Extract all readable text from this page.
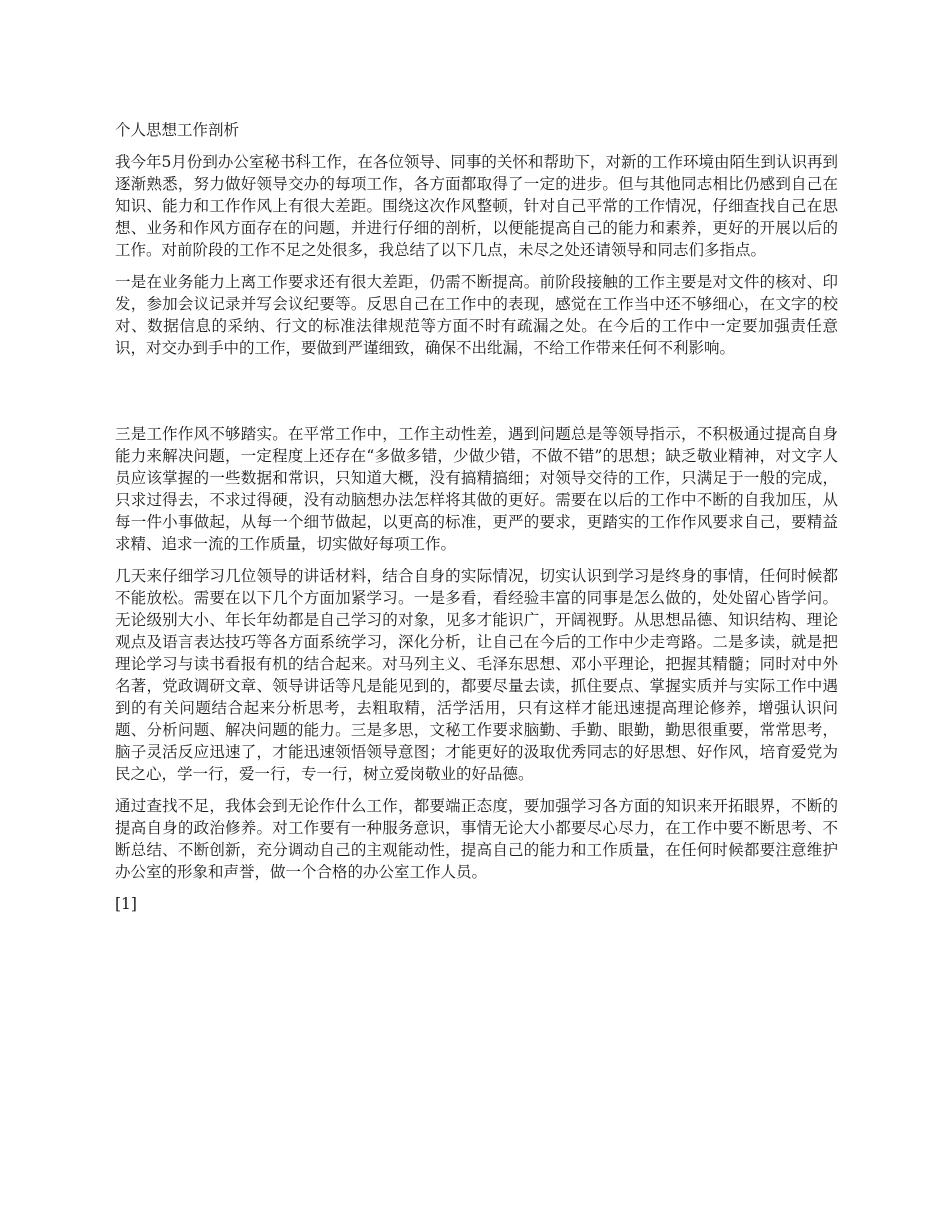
个人思想工作剖析

我今年5月份到办公室秘书科工作，在各位领导、同事的关怀和帮助下，对新的工作环境由陌生到认识再到逐渐熟悉，努力做好领导交办的每项工作，各方面都取得了一定的进步。但与其他同志相比仍感到自己在知识、能力和工作作风上有很大差距。围绕这次作风整顿，针对自己平常的工作情况，仔细查找自己在思想、业务和作风方面存在的问题，并进行仔细的剖析，以便能提高自己的能力和素养，更好的开展以后的工作。对前阶段的工作不足之处很多，我总结了以下几点，未尽之处还请领导和同志们多指点。

一是在业务能力上离工作要求还有很大差距，仍需不断提高。前阶段接触的工作主要是对文件的核对、印发，参加会议记录并写会议纪要等。反思自己在工作中的表现，感觉在工作当中还不够细心，在文字的校对、数据信息的采纳、行文的标准法律规范等方面不时有疏漏之处。在今后的工作中一定要加强责任意识，对交办到手中的工作，要做到严谨细致，确保不出纰漏，不给工作带来任何不利影响。

三是工作作风不够踏实。在平常工作中，工作主动性差，遇到问题总是等领导指示，不积极通过提高自身能力来解决问题，一定程度上还存在“多做多错，少做少错，不做不错”的思想；缺乏敬业精神，对文字人员应该掌握的一些数据和常识，只知道大概，没有搞精搞细；对领导交待的工作，只满足于一般的完成，只求过得去，不求过得硬，没有动脑想办法怎样将其做的更好。需要在以后的工作中不断的自我加压，从每一件小事做起，从每一个细节做起，以更高的标准，更严的要求，更踏实的工作作风要求自己，要精益求精、追求一流的工作质量，切实做好每项工作。

几天来仔细学习几位领导的讲话材料，结合自身的实际情况，切实认识到学习是终身的事情，任何时候都不能放松。需要在以下几个方面加紧学习。一是多看，看经验丰富的同事是怎么做的，处处留心皆学问。无论级别大小、年长年幼都是自己学习的对象，见多才能识广，开阔视野。从思想品德、知识结构、理论观点及语言表达技巧等各方面系统学习，深化分析，让自己在今后的工作中少走弯路。二是多读，就是把理论学习与读书看报有机的结合起来。对马列主义、毛泽东思想、邓小平理论，把握其精髓；同时对中外名著，党政调研文章、领导讲话等凡是能见到的，都要尽量去读，抓住要点、掌握实质并与实际工作中遇到的有关问题结合起来分析思考，去粗取精，活学活用，只有这样才能迅速提高理论修养，增强认识问题、分析问题、解决问题的能力。三是多思，文秘工作要求脑勤、手勤、眼勤，勤思很重要，常常思考，脑子灵活反应迅速了，才能迅速领悟领导意图；才能更好的汲取优秀同志的好思想、好作风，培育爱党为民之心，学一行，爱一行，专一行，树立爱岗敬业的好品德。

通过查找不足，我体会到无论作什么工作，都要端正态度，要加强学习各方面的知识来开拓眼界，不断的提高自身的政治修养。对工作要有一种服务意识，事情无论大小都要尽心尽力，在工作中要不断思考、不断总结、不断创新，充分调动自己的主观能动性，提高自己的能力和工作质量，在任何时候都要注意维护办公室的形象和声誉，做一个合格的办公室工作人员。

[1]
